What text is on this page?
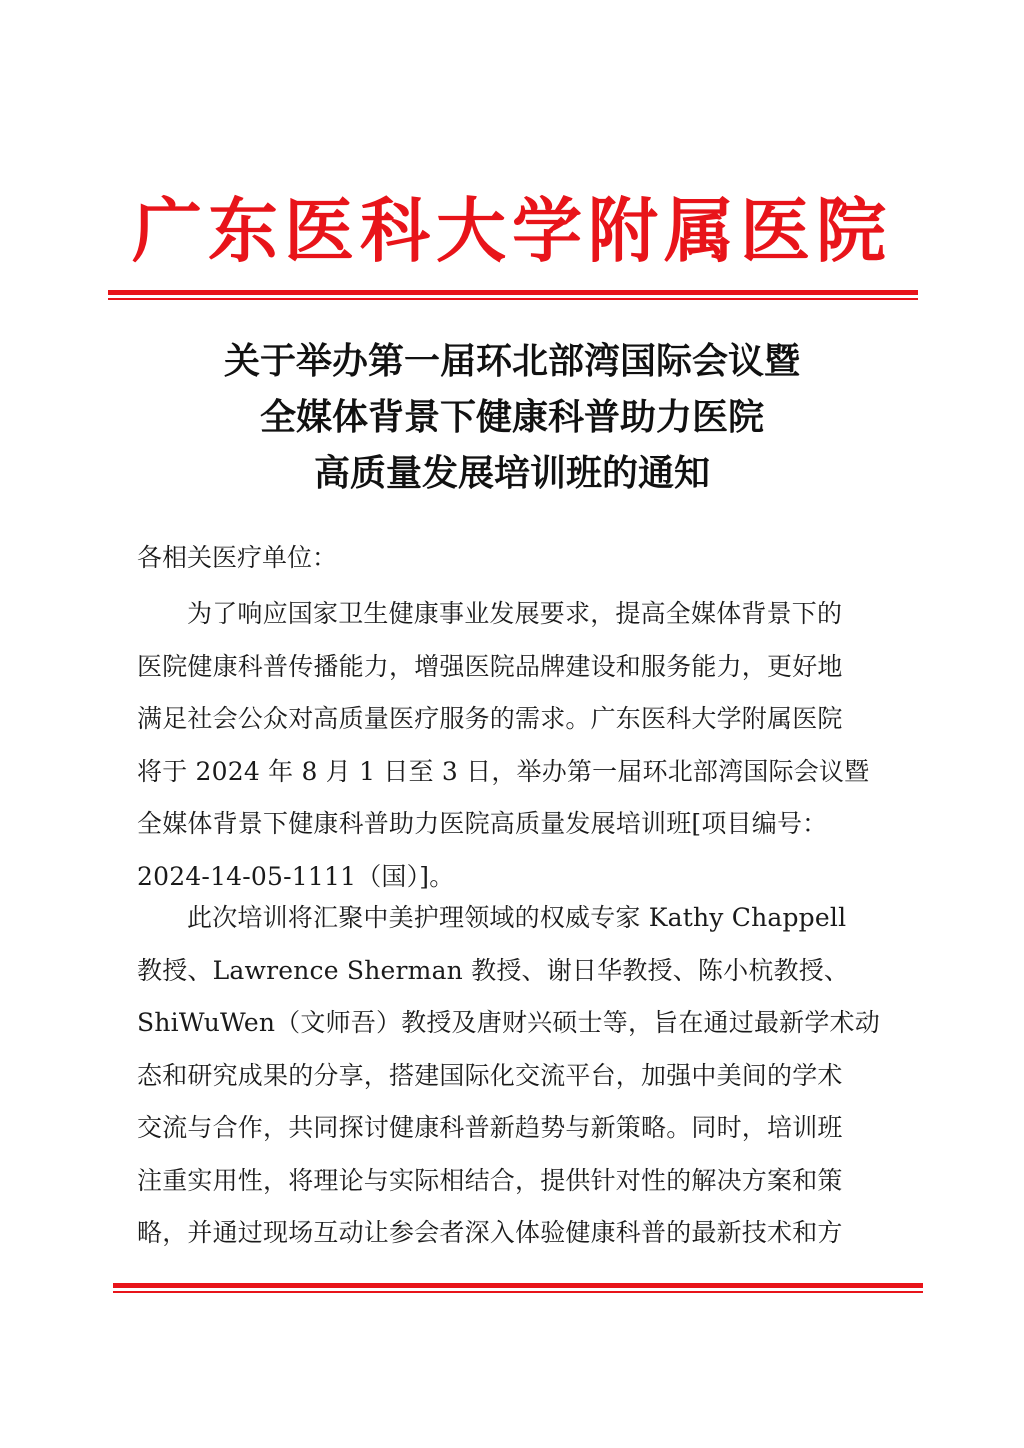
广东医科大学附属医院
关于举办第一届环北部湾国际会议暨
全媒体背景下健康科普助力医院
高质量发展培训班的通知
各相关医疗单位：
为了响应国家卫生健康事业发展要求，提高全媒体背景下的
医院健康科普传播能力，增强医院品牌建设和服务能力，更好地
满足社会公众对高质量医疗服务的需求。广东医科大学附属医院
将于 2024 年 8 月 1 日至 3 日，举办第一届环北部湾国际会议暨
全媒体背景下健康科普助力医院高质量发展培训班[项目编号：
2024-14-05-1111（国）]。
此次培训将汇聚中美护理领域的权威专家 Kathy Chappell
教授、Lawrence Sherman 教授、谢日华教授、陈小杭教授、
ShiWuWen（文师吾）教授及唐财兴硕士等，旨在通过最新学术动
态和研究成果的分享，搭建国际化交流平台，加强中美间的学术
交流与合作，共同探讨健康科普新趋势与新策略。同时，培训班
注重实用性，将理论与实际相结合，提供针对性的解决方案和策
略，并通过现场互动让参会者深入体验健康科普的最新技术和方
